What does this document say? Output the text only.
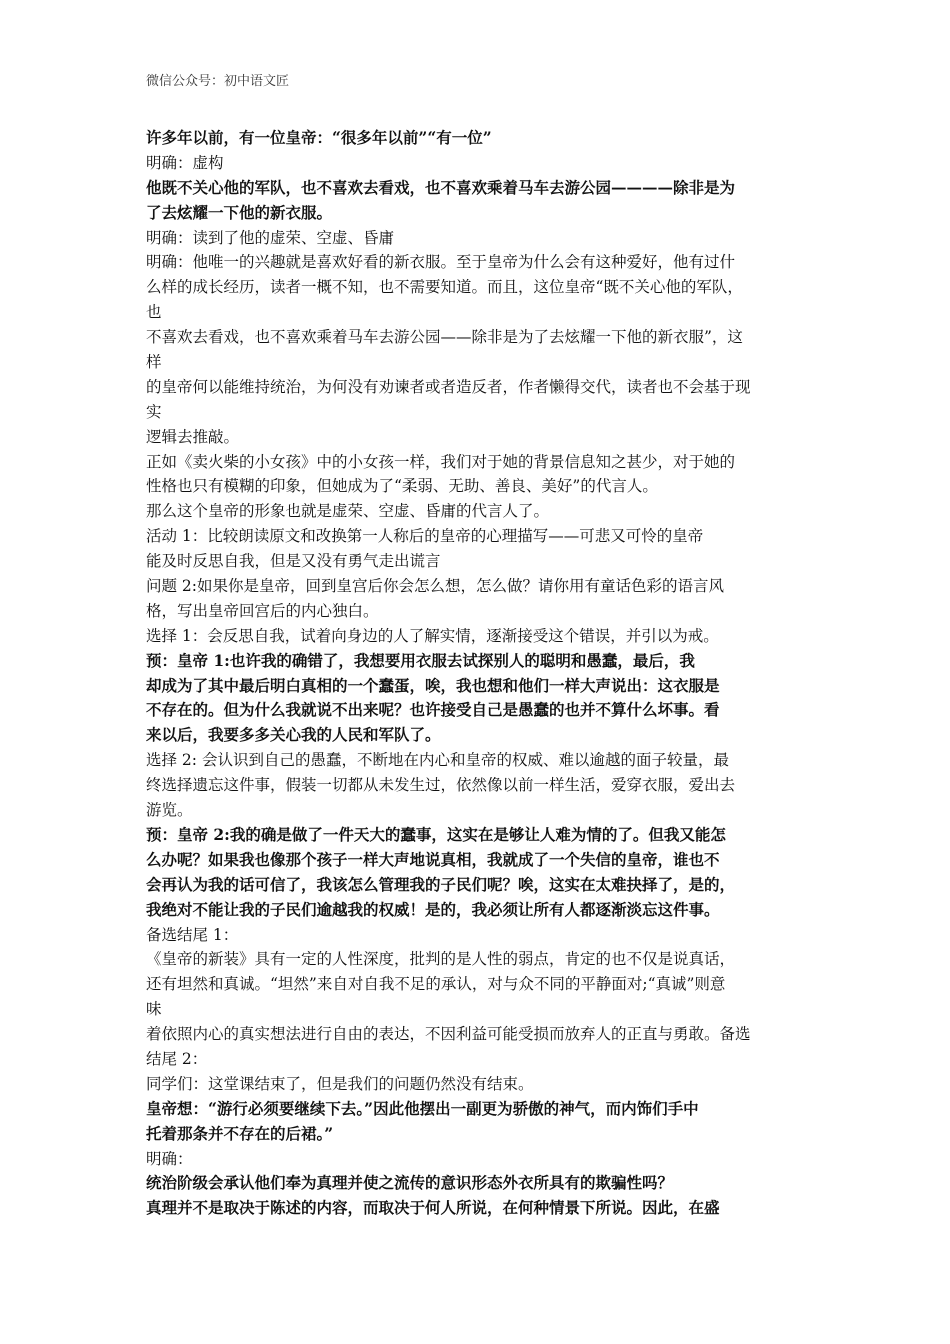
微信公众号：初中语文匠
许多年以前，有一位皇帝：“很多年以前”“有一位”
明确：虚构
他既不关心他的军队，也不喜欢去看戏，也不喜欢乘着马车去游公园————除非是为
了去炫耀一下他的新衣服。
明确：读到了他的虚荣、空虚、昏庸
明确：他唯一的兴趣就是喜欢好看的新衣服。至于皇帝为什么会有这种爱好，他有过什
么样的成长经历，读者一概不知，也不需要知道。而且，这位皇帝“既不关心他的军队，
也
不喜欢去看戏，也不喜欢乘着马车去游公园——除非是为了去炫耀一下他的新衣服”，这
样
的皇帝何以能维持统治，为何没有劝谏者或者造反者，作者懒得交代，读者也不会基于现
实
逻辑去推敲。
正如《卖火柴的小女孩》中的小女孩一样，我们对于她的背景信息知之甚少，对于她的
性格也只有模糊的印象，但她成为了“柔弱、无助、善良、美好”的代言人。
那么这个皇帝的形象也就是虚荣、空虚、昏庸的代言人了。
活动 1：比较朗读原文和改换第一人称后的皇帝的心理描写——可悲又可怜的皇帝
能及时反思自我，但是又没有勇气走出谎言
问题 2:如果你是皇帝，回到皇宫后你会怎么想，怎么做？请你用有童话色彩的语言风
格，写出皇帝回宫后的内心独白。
选择 1：会反思自我，试着向身边的人了解实情，逐渐接受这个错误，并引以为戒。
预：皇帝 1:也许我的确错了，我想要用衣服去试探别人的聪明和愚蠢，最后，我
却成为了其中最后明白真相的一个蠢蛋，唉，我也想和他们一样大声说出：这衣服是
不存在的。但为什么我就说不出来呢？也许接受自己是愚蠢的也并不算什么坏事。看
来以后，我要多多关心我的人民和军队了。
选择 2: 会认识到自己的愚蠢，不断地在内心和皇帝的权威、难以逾越的面子较量，最
终选择遗忘这件事，假装一切都从未发生过，依然像以前一样生活，爱穿衣服，爱出去
游览。
预：皇帝 2:我的确是做了一件天大的蠢事，这实在是够让人难为情的了。但我又能怎
么办呢？如果我也像那个孩子一样大声地说真相，我就成了一个失信的皇帝，谁也不
会再认为我的话可信了，我该怎么管理我的子民们呢？唉，这实在太难抉择了，是的，
我绝对不能让我的子民们逾越我的权威！是的，我必须让所有人都逐渐淡忘这件事。
备选结尾 1：
《皇帝的新装》具有一定的人性深度，批判的是人性的弱点，肯定的也不仅是说真话，
还有坦然和真诚。“坦然”来自对自我不足的承认，对与众不同的平静面对;“真诚”则意
味
着依照内心的真实想法进行自由的表达，不因利益可能受损而放弃人的正直与勇敢。备选
结尾 2：
同学们：这堂课结束了，但是我们的问题仍然没有结束。
皇帝想：“游行必须要继续下去。”因此他摆出一副更为骄傲的神气，而内饰们手中
托着那条并不存在的后裙。”
明确：
统治阶级会承认他们奉为真理并使之流传的意识形态外衣所具有的欺骗性吗？
真理并不是取决于陈述的内容，而取决于何人所说，在何种情景下所说。因此，在盛
